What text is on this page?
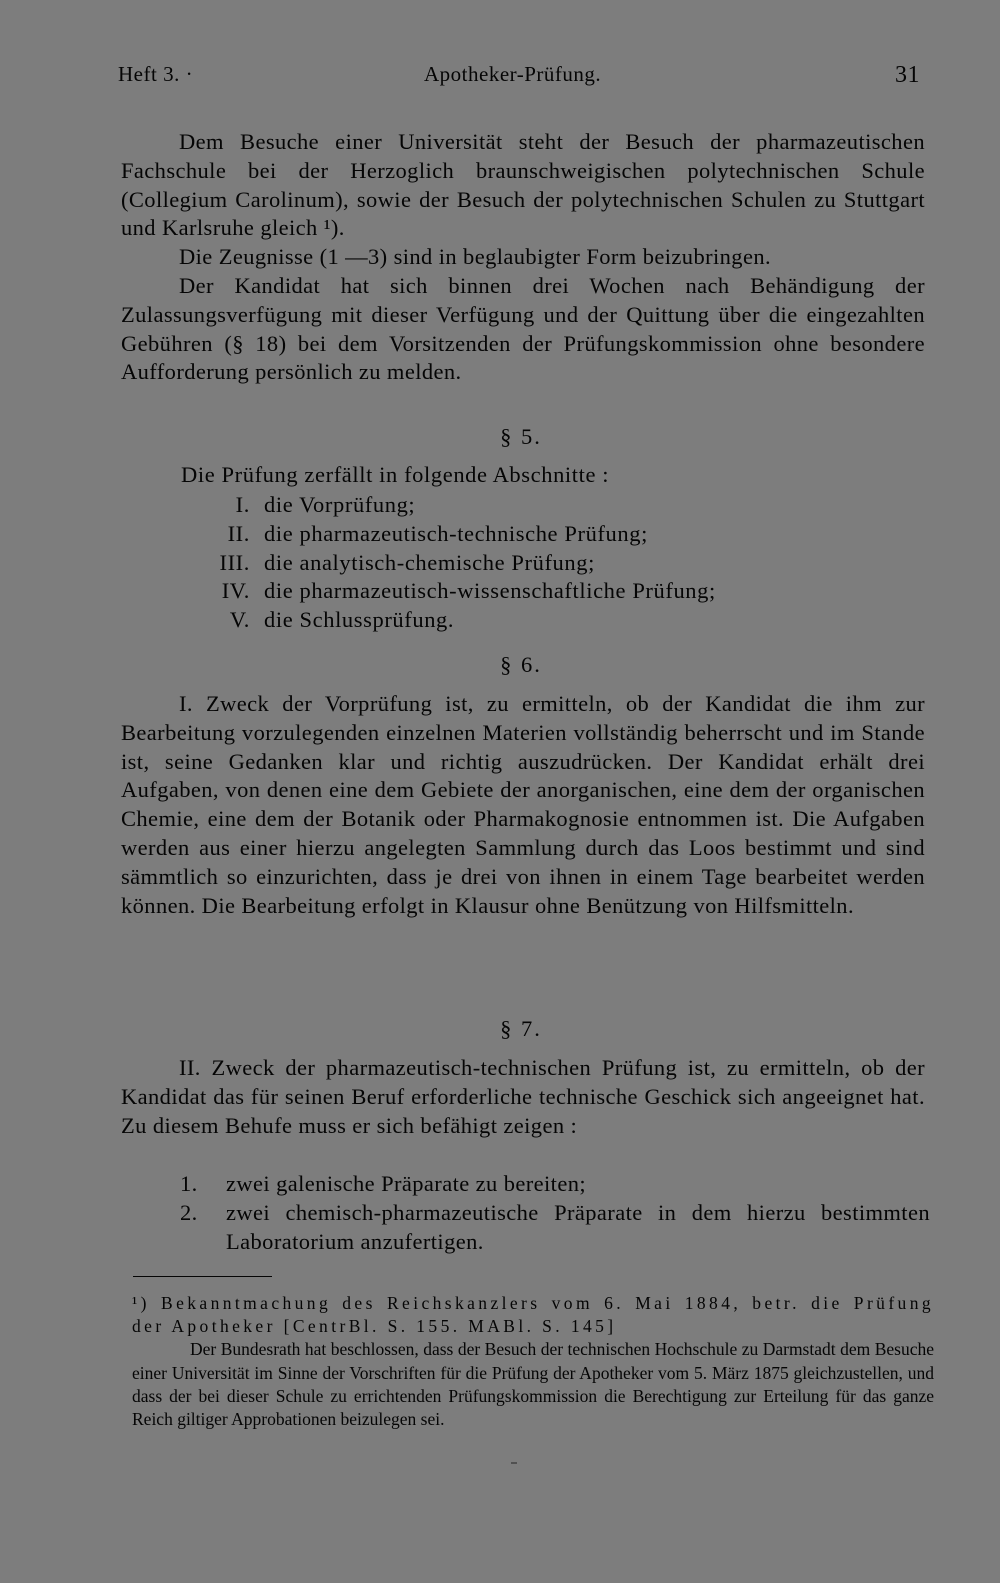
Heft 3. ·	Apotheker-Prüfung.	31

Dem Besuche einer Universität steht der Besuch der pharmazeutischen Fachschule bei der Herzoglich braunschweigischen polytechnischen Schule (Collegium Carolinum), sowie der Besuch der polytechnischen Schulen zu Stuttgart und Karlsruhe gleich ¹).

Die Zeugnisse (1 —3) sind in beglaubigter Form beizubringen.

Der Kandidat hat sich binnen drei Wochen nach Behändigung der Zulassungsverfügung mit dieser Verfügung und der Quittung über die eingezahlten Gebühren (§ 18) bei dem Vorsitzenden der Prüfungskommission ohne besondere Aufforderung persönlich zu melden.

§ 5.
Die Prüfung zerfällt in folgende Abschnitte :
I. die Vorprüfung;
II. die pharmazeutisch-technische Prüfung;
III. die analytisch-chemische Prüfung;
IV. die pharmazeutisch-wissenschaftliche Prüfung;
V. die Schlussprüfung.
§ 6.

I. Zweck der Vorprüfung ist, zu ermitteln, ob der Kandidat die ihm zur Bearbeitung vorzulegenden einzelnen Materien vollständig beherrscht und im Stande ist, seine Gedanken klar und richtig auszudrücken. Der Kandidat erhält drei Aufgaben, von denen eine dem Gebiete der anorganischen, eine dem der organischen Chemie, eine dem der Botanik oder Pharmakognosie entnommen ist. Die Aufgaben werden aus einer hierzu angelegten Sammlung durch das Loos bestimmt und sind sämmtlich so einzurichten, dass je drei von ihnen in einem Tage bearbeitet werden können. Die Bearbeitung erfolgt in Klausur ohne Benützung von Hilfsmitteln.

§ 7.

II. Zweck der pharmazeutisch-technischen Prüfung ist, zu ermitteln, ob der Kandidat das für seinen Beruf erforderliche technische Geschick sich angeeignet hat. Zu diesem Behufe muss er sich befähigt zeigen :

1. zwei galenische Präparate zu bereiten;
2. zwei chemisch-pharmazeutische Präparate in dem hierzu bestimmten Laboratorium anzufertigen.

¹) Bekanntmachung des Reichskanzlers vom 6. Mai 1884, betr. die Prüfung der Apotheker [CentrBl. S. 155. MABl. S. 145]

Der Bundesrath hat beschlossen, dass der Besuch der technischen Hochschule zu Darmstadt dem Besuche einer Universität im Sinne der Vorschriften für die Prüfung der Apotheker vom 5. März 1875 gleichzustellen, und dass der bei dieser Schule zu errichtenden Prüfungskommission die Berechtigung zur Erteilung für das ganze Reich giltiger Approbationen beizulegen sei.
